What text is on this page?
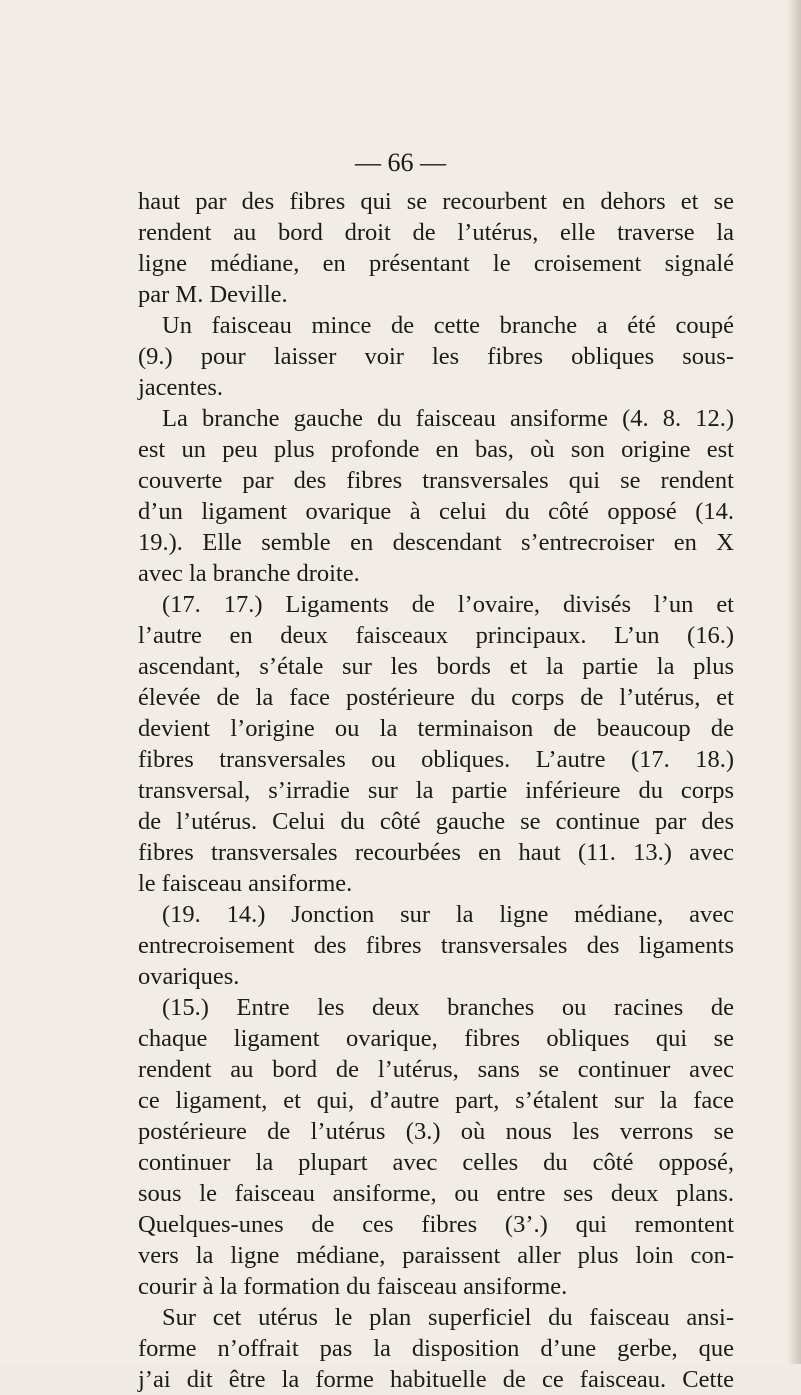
— 66 —

haut par des fibres qui se recourbent en dehors et se
rendent au bord droit de l’utérus, elle traverse la
ligne médiane, en présentant le croisement signalé
par M. Deville.

Un faisceau mince de cette branche a été coupé
(9.) pour laisser voir les fibres obliques sous-
jacentes.

La branche gauche du faisceau ansiforme (4. 8. 12.)
est un peu plus profonde en bas, où son origine est
couverte par des fibres transversales qui se rendent
d’un ligament ovarique à celui du côté opposé (14.
19.). Elle semble en descendant s’entrecroiser en X
avec la branche droite.

(17. 17.) Ligaments de l’ovaire, divisés l’un et
l’autre en deux faisceaux principaux. L’un (16.)
ascendant, s’étale sur les bords et la partie la plus
élevée de la face postérieure du corps de l’utérus, et
devient l’origine ou la terminaison de beaucoup de
fibres transversales ou obliques. L’autre (17. 18.)
transversal, s’irradie sur la partie inférieure du corps
de l’utérus. Celui du côté gauche se continue par des
fibres transversales recourbées en haut (11. 13.) avec
le faisceau ansiforme.

(19. 14.) Jonction sur la ligne médiane, avec
entrecroisement des fibres transversales des ligaments
ovariques.

(15.) Entre les deux branches ou racines de
chaque ligament ovarique, fibres obliques qui se
rendent au bord de l’utérus, sans se continuer avec
ce ligament, et qui, d’autre part, s’étalent sur la face
postérieure de l’utérus (3.) où nous les verrons se
continuer la plupart avec celles du côté opposé,
sous le faisceau ansiforme, ou entre ses deux plans.
Quelques-unes de ces fibres (3’.) qui remontent
vers la ligne médiane, paraissent aller plus loin con-
courir à la formation du faisceau ansiforme.

Sur cet utérus le plan superficiel du faisceau ansi-
forme n’offrait pas la disposition d’une gerbe, que
j’ai dit être la forme habituelle de ce faisceau. Cette
